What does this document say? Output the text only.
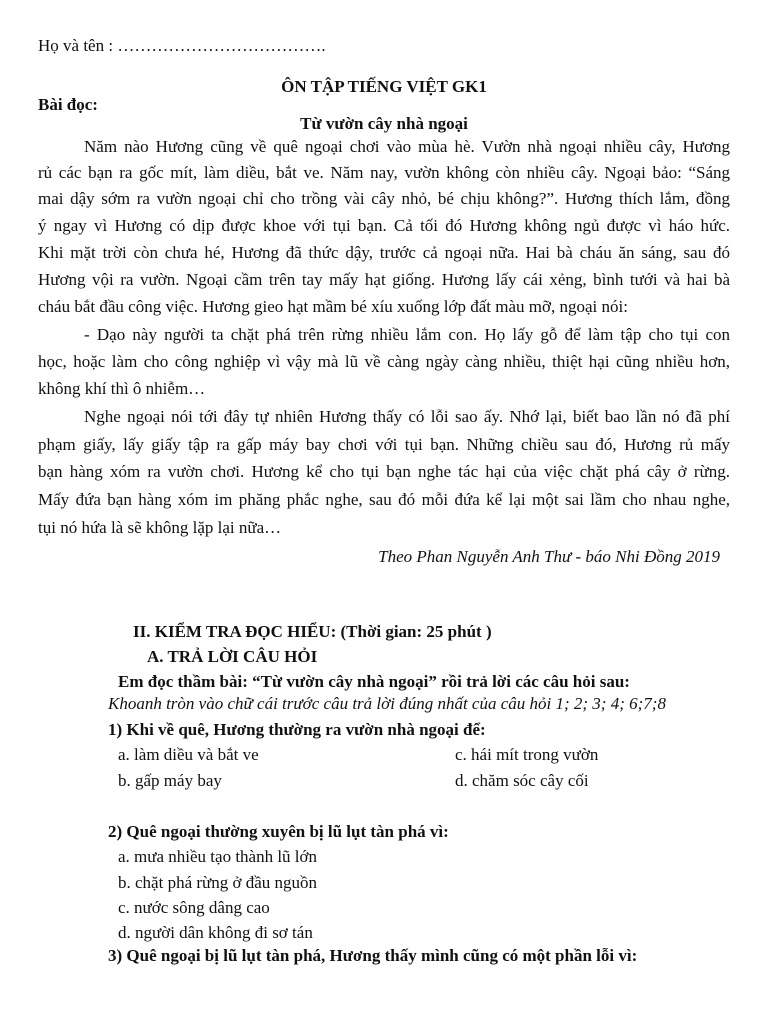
Họ và tên : ……………………………….
ÔN TẬP TIẾNG VIỆT GK1
Bài đọc:
Từ vườn cây nhà ngoại
Năm nào Hương cũng về quê ngoại chơi vào mùa hè. Vườn nhà ngoại nhiều cây, Hương
rủ các bạn ra gốc mít, làm diều, bắt ve. Năm nay, vườn không còn nhiều cây. Ngoại bảo: “Sáng
mai dậy sớm ra vườn ngoại chỉ cho trồng vài cây nhỏ, bé chịu không?”. Hương thích lắm, đồng
ý ngay vì Hương có dịp được khoe với tụi bạn. Cả tối đó Hương không ngủ được vì háo hức.
Khi mặt trời còn chưa hé, Hương đã thức dậy, trước cả ngoại nữa. Hai bà cháu ăn sáng, sau đó
Hương vội ra vườn. Ngoại cầm trên tay mấy hạt giống. Hương lấy cái xẻng, bình tưới và hai bà
cháu bắt đầu công việc. Hương gieo hạt mầm bé xíu xuống lớp đất màu mỡ, ngoại nói:
- Dạo này người ta chặt phá trên rừng nhiều lắm con. Họ lấy gỗ để làm tập cho tụi con
học, hoặc làm cho công nghiệp vì vậy mà lũ về càng ngày càng nhiều, thiệt hại cũng nhiều hơn,
không khí thì ô nhiễm…
Nghe ngoại nói tới đây tự nhiên Hương thấy có lỗi sao ấy. Nhớ lại, biết bao lần nó đã phí
phạm giấy, lấy giấy tập ra gấp máy bay chơi với tụi bạn. Những chiều sau đó, Hương rủ mấy
bạn hàng xóm ra vườn chơi. Hương kể cho tụi bạn nghe tác hại của việc chặt phá cây ở rừng.
Mấy đứa bạn hàng xóm im phăng phắc nghe, sau đó mỗi đứa kể lại một sai lầm cho nhau nghe,
tụi nó hứa là sẽ không lặp lại nữa…
Theo Phan Nguyễn Anh Thư - báo Nhi Đồng 2019
II. KIỂM TRA ĐỌC HIỂU: (Thời gian: 25 phút )
A. TRẢ LỜI CÂU HỎI
Em đọc thầm bài: “Từ vườn cây nhà ngoại” rồi trả lời các câu hỏi sau:
Khoanh tròn vào chữ cái trước câu trả lời đúng nhất của câu hỏi 1; 2; 3; 4; 6;7;8
1) Khi về quê, Hương thường ra vườn nhà ngoại để:
a. làm diều và bắt ve	c. hái mít trong vườn
b. gấp máy bay	d. chăm sóc cây cối
2) Quê ngoại thường xuyên bị lũ lụt tàn phá vì:
a. mưa nhiều tạo thành lũ lớn
b. chặt phá rừng ở đầu nguồn
c. nước sông dâng cao
d. người dân không đi sơ tán
3) Quê ngoại bị lũ lụt tàn phá, Hương thấy mình cũng có một phần lỗi vì:
